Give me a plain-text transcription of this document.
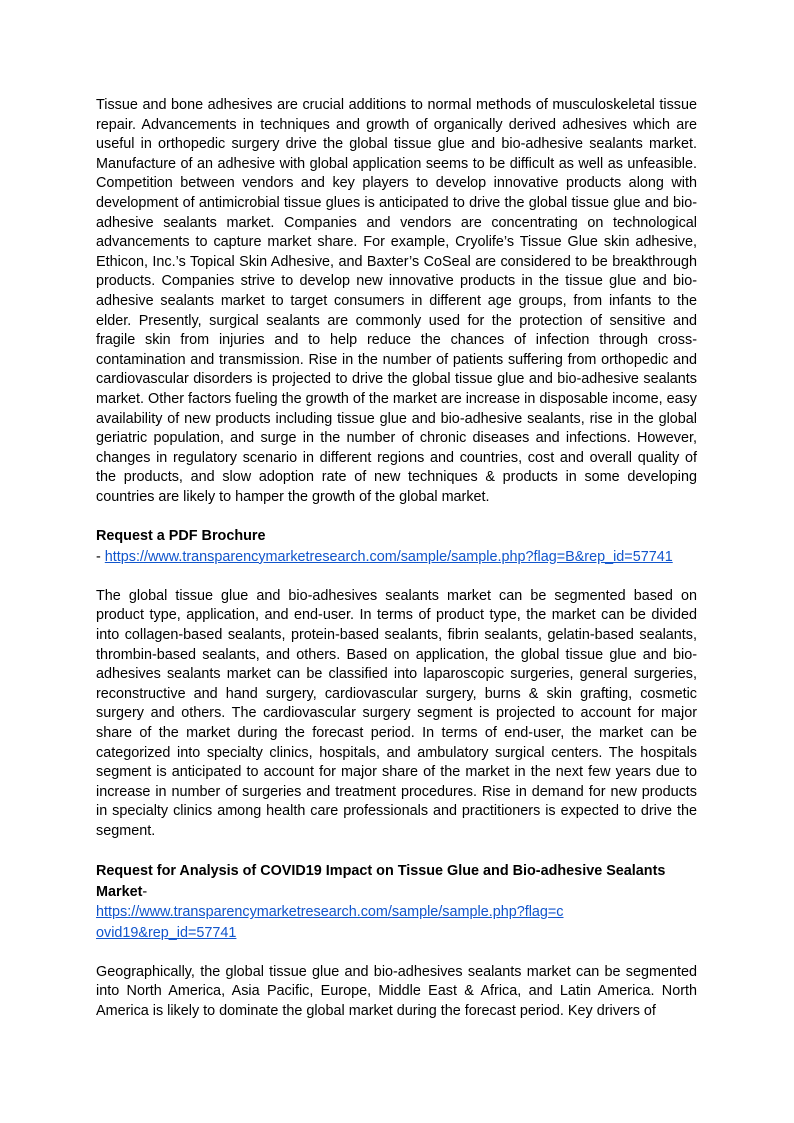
Tissue and bone adhesives are crucial additions to normal methods of musculoskeletal tissue repair. Advancements in techniques and growth of organically derived adhesives which are useful in orthopedic surgery drive the global tissue glue and bio-adhesive sealants market. Manufacture of an adhesive with global application seems to be difficult as well as unfeasible. Competition between vendors and key players to develop innovative products along with development of antimicrobial tissue glues is anticipated to drive the global tissue glue and bio-adhesive sealants market. Companies and vendors are concentrating on technological advancements to capture market share. For example, Cryolife’s Tissue Glue skin adhesive, Ethicon, Inc.’s Topical Skin Adhesive, and Baxter’s CoSeal are considered to be breakthrough products. Companies strive to develop new innovative products in the tissue glue and bio-adhesive sealants market to target consumers in different age groups, from infants to the elder. Presently, surgical sealants are commonly used for the protection of sensitive and fragile skin from injuries and to help reduce the chances of infection through cross-contamination and transmission. Rise in the number of patients suffering from orthopedic and cardiovascular disorders is projected to drive the global tissue glue and bio-adhesive sealants market. Other factors fueling the growth of the market are increase in disposable income, easy availability of new products including tissue glue and bio-adhesive sealants, rise in the global geriatric population, and surge in the number of chronic diseases and infections. However, changes in regulatory scenario in different regions and countries, cost and overall quality of the products, and slow adoption rate of new techniques & products in some developing countries are likely to hamper the growth of the global market.

Request a PDF Brochure

- https://www.transparencymarketresearch.com/sample/sample.php?flag=B&rep_id=57741

The global tissue glue and bio-adhesives sealants market can be segmented based on product type, application, and end-user. In terms of product type, the market can be divided into collagen-based sealants, protein-based sealants, fibrin sealants, gelatin-based sealants, thrombin-based sealants, and others. Based on application, the global tissue glue and bio-adhesives sealants market can be classified into laparoscopic surgeries, general surgeries, reconstructive and hand surgery, cardiovascular surgery, burns & skin grafting, cosmetic surgery and others. The cardiovascular surgery segment is projected to account for major share of the market during the forecast period. In terms of end-user, the market can be categorized into specialty clinics, hospitals, and ambulatory surgical centers. The hospitals segment is anticipated to account for major share of the market in the next few years due to increase in number of surgeries and treatment procedures. Rise in demand for new products in specialty clinics among health care professionals and practitioners is expected to drive the segment.

Request for Analysis of COVID19 Impact on Tissue Glue and Bio-adhesive Sealants Market-
https://www.transparencymarketresearch.com/sample/sample.php?flag=covid19&rep_id=57741

Geographically, the global tissue glue and bio-adhesives sealants market can be segmented into North America, Asia Pacific, Europe, Middle East & Africa, and Latin America. North America is likely to dominate the global market during the forecast period. Key drivers of
